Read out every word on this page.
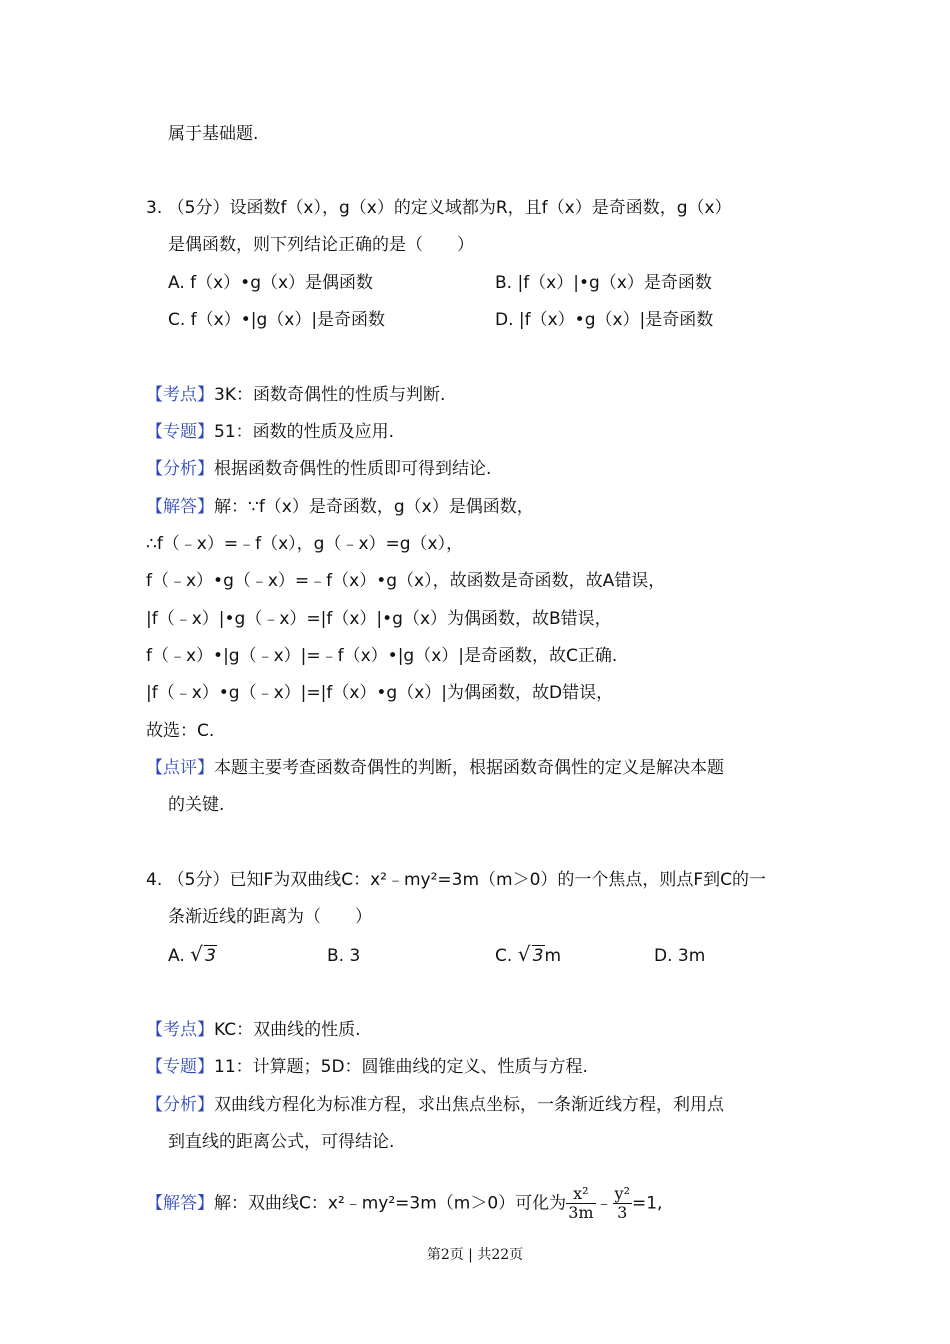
属于基础题.
3. （5分）设函数f（x），g（x）的定义域都为R，且f（x）是奇函数，g（x）
是偶函数，则下列结论正确的是（　　）
A. f（x）•g（x）是偶函数	B. |f（x）|•g（x）是奇函数
C. f（x）•|g（x）|是奇函数	D. |f（x）•g（x）|是奇函数
【考点】3K：函数奇偶性的性质与判断.
【专题】51：函数的性质及应用.
【分析】根据函数奇偶性的性质即可得到结论.
【解答】解：∵f（x）是奇函数，g（x）是偶函数，
∴f（﹣x）=﹣f（x），g（﹣x）=g（x），
f（﹣x）•g（﹣x）=﹣f（x）•g（x），故函数是奇函数，故A错误，
|f（﹣x）|•g（﹣x）=|f（x）|•g（x）为偶函数，故B错误，
f（﹣x）•|g（﹣x）|=﹣f（x）•|g（x）|是奇函数，故C正确.
|f（﹣x）•g（﹣x）|=|f（x）•g（x）|为偶函数，故D错误，
故选：C.
【点评】本题主要考查函数奇偶性的判断，根据函数奇偶性的定义是解决本题
的关键.
4. （5分）已知F为双曲线C：x²﹣my²=3m（m＞0）的一个焦点，则点F到C的一
条渐近线的距离为（　　）
A. √ 3	B. 3	C. √ 3m	D. 3m
【考点】KC：双曲线的性质.
【专题】11：计算题；5D：圆锥曲线的定义、性质与方程.
【分析】双曲线方程化为标准方程，求出焦点坐标，一条渐近线方程，利用点
到直线的距离公式，可得结论.
【解答】解：双曲线C：x²﹣my²=3m（m＞0）可化为 $\frac{\text{x²}}{3m}$ ﹣ $\frac{\text{y²}}{3} =1$,
第2页 | 共22页
